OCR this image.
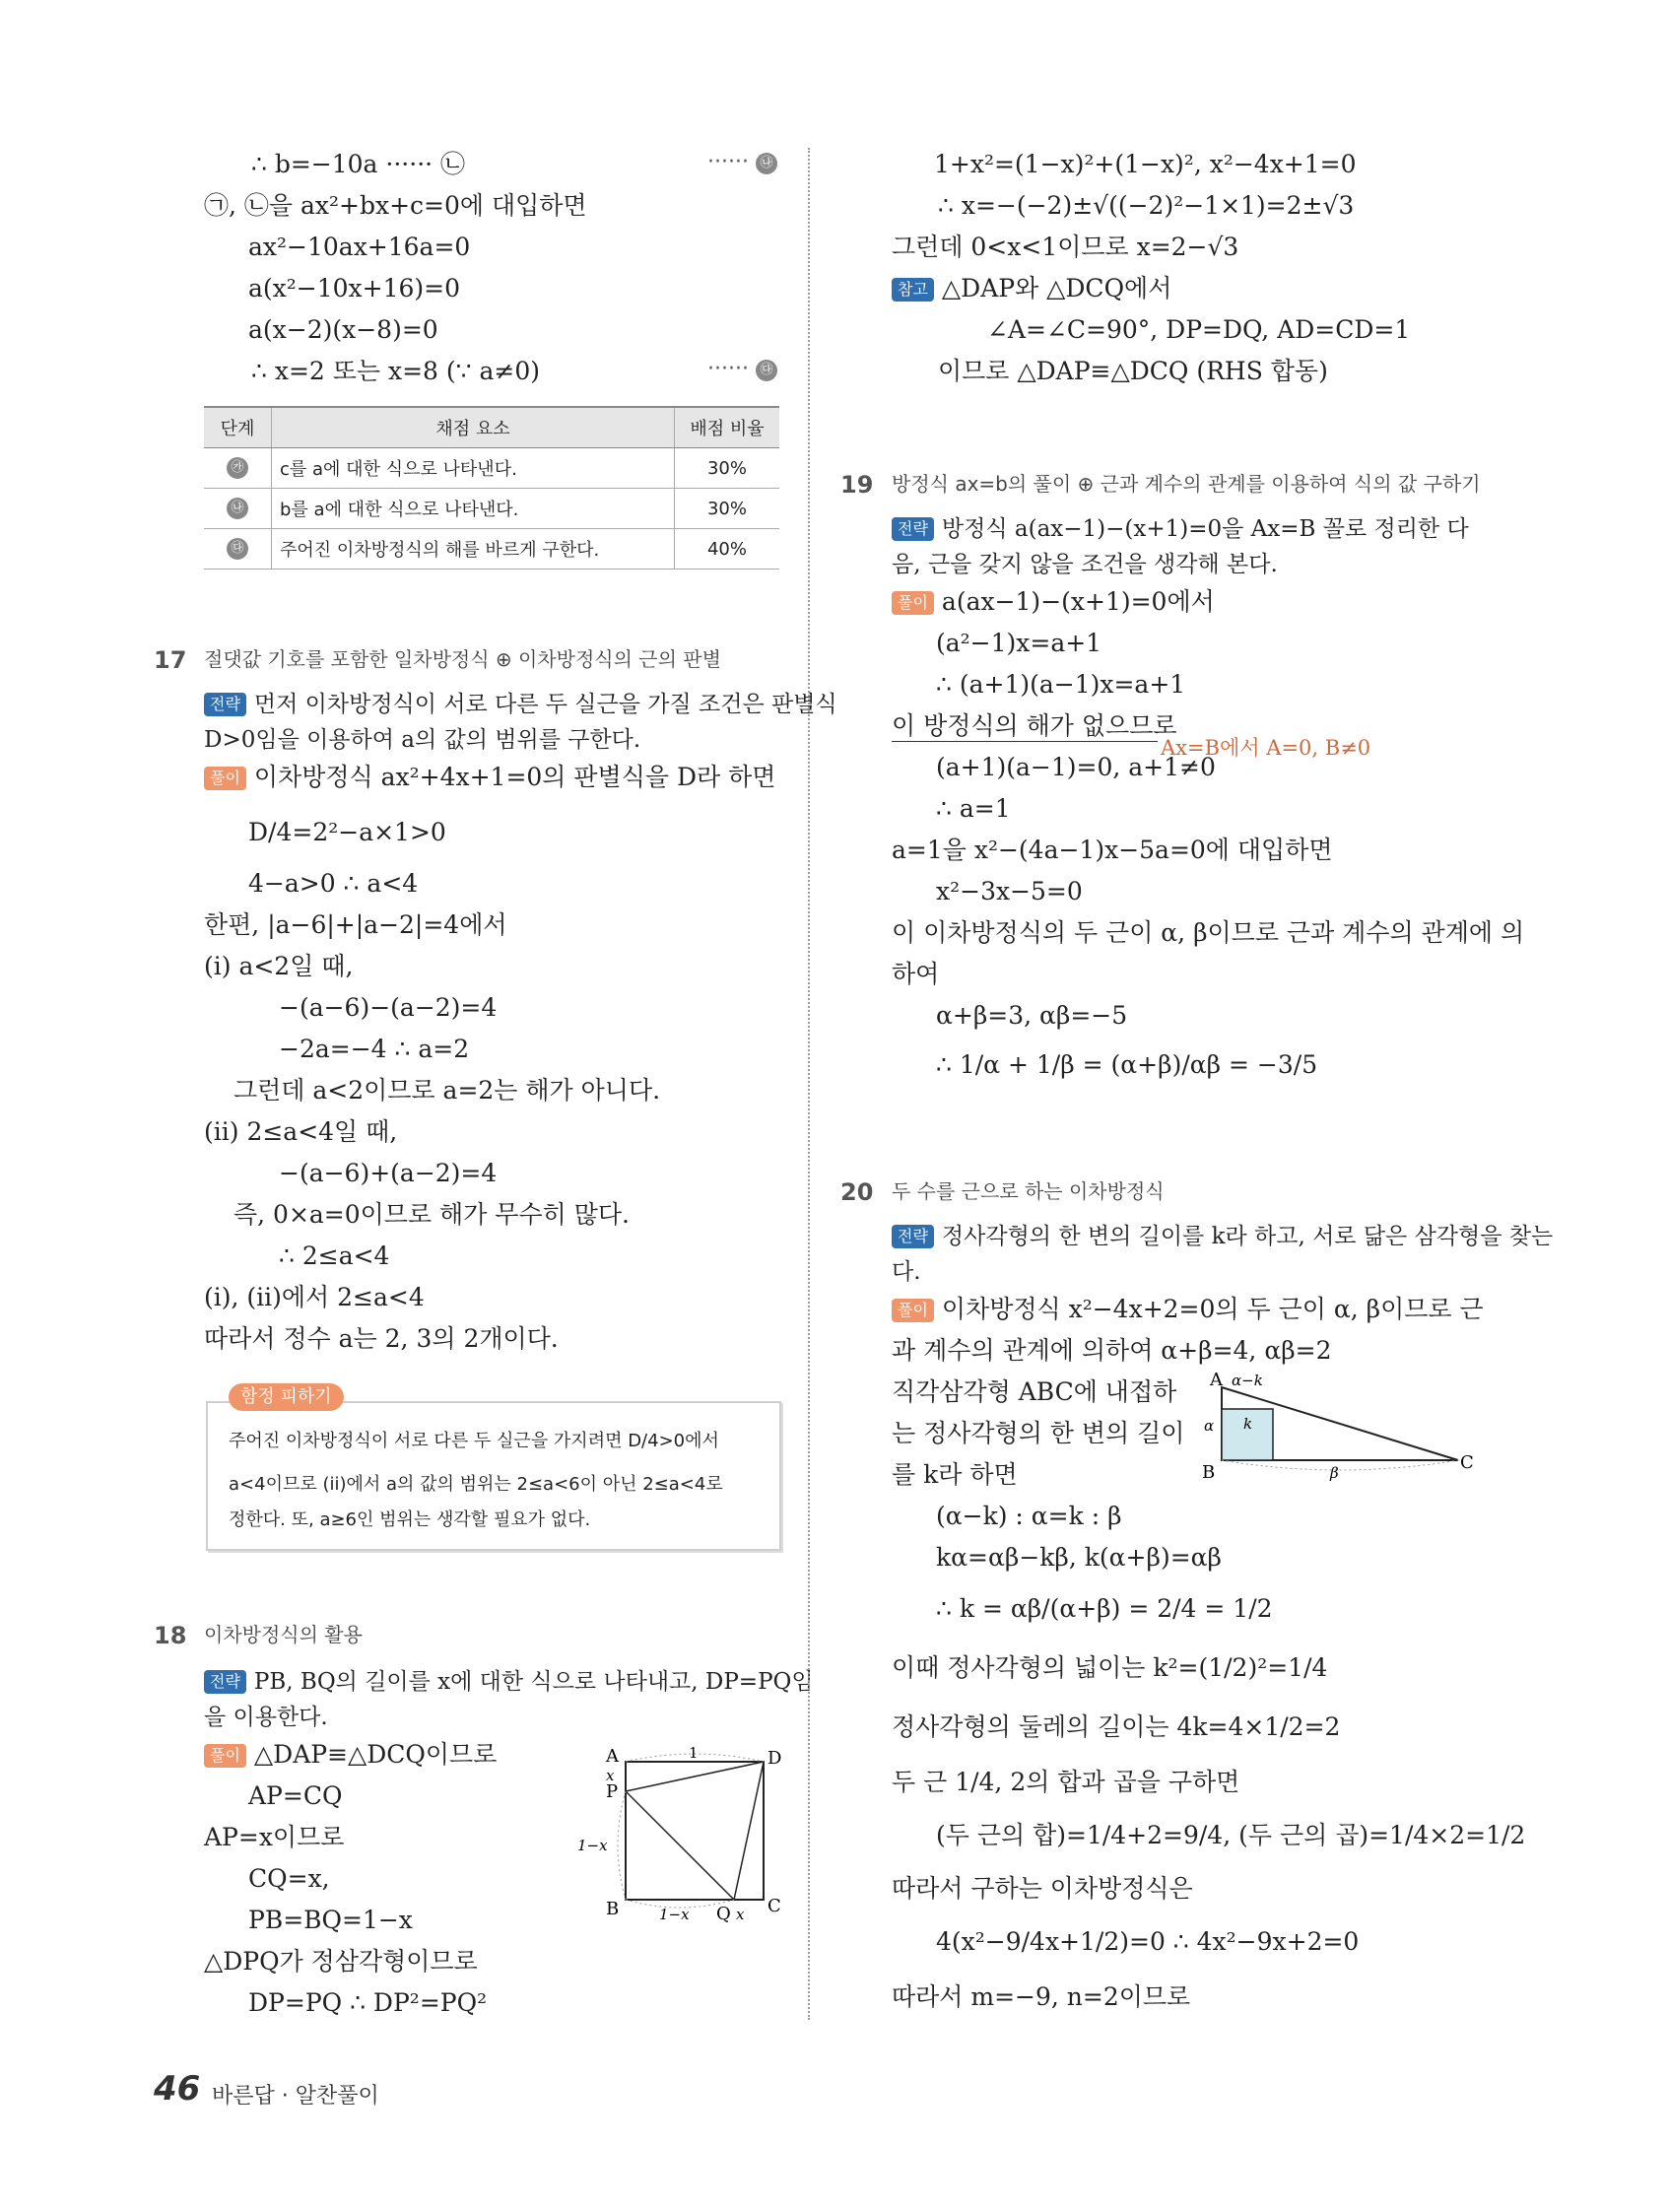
∴ b=−10a ······ ㉡	······ ㉯
㉠, ㉡을 ax²+bx+c=0에 대입하면
ax²−10ax+16a=0
a(x²−10x+16)=0
a(x−2)(x−8)=0
∴ x=2 또는 x=8 (∵ a≠0)	······ ㉰
단계	채점 요소	배점 비율
㉮	c를 a에 대한 식으로 나타낸다.	30%
㉯	b를 a에 대한 식으로 나타낸다.	30%
㉰	주어진 이차방정식의 해를 바르게 구한다.	40%
17 절댓값 기호를 포함한 일차방정식 ⊕ 이차방정식의 근의 판별
전략 먼저 이차방정식이 서로 다른 두 실근을 가질 조건은 판별식
D>0임을 이용하여 a의 값의 범위를 구한다.
풀이 이차방정식 ax²+4x+1=0의 판별식을 D라 하면
D/4=2²−a×1>0
4−a>0 ∴ a<4
한편, |a−6|+|a−2|=4에서
(i) a<2일 때,
−(a−6)−(a−2)=4
−2a=−4 ∴ a=2
그런데 a<2이므로 a=2는 해가 아니다.
(ii) 2≤a<4일 때,
−(a−6)+(a−2)=4
즉, 0×a=0이므로 해가 무수히 많다.
∴ 2≤a<4
(i), (ii)에서 2≤a<4
따라서 정수 a는 2, 3의 2개이다.
함정 피하기
주어진 이차방정식이 서로 다른 두 실근을 가지려면 D/4>0에서
a<4이므로 (ii)에서 a의 값의 범위는 2≤a<6이 아닌 2≤a<4로
정한다. 또, a≥6인 범위는 생각할 필요가 없다.
18 이차방정식의 활용
전략 PB, BQ의 길이를 x에 대한 식으로 나타내고, DP=PQ임
을 이용한다.
풀이 △DAP≡△DCQ이므로
AP=CQ
AP=x이므로
CQ=x,
PB=BQ=1−x
△DPQ가 정삼각형이므로
DP=PQ ∴ DP²=PQ²
A	D
P
B	Q C
1
x
1−x
1−x	x
1+x²=(1−x)²+(1−x)², x²−4x+1=0
∴ x=−(−2)±√((−2)²−1×1)=2±√3
그런데 0<x<1이므로 x=2−√3
참고 △DAP와 △DCQ에서
∠A=∠C=90°, DP=DQ, AD=CD=1
이므로 △DAP≡△DCQ (RHS 합동)
19 방정식 ax=b의 풀이 ⊕ 근과 계수의 관계를 이용하여 식의 값 구하기
전략 방정식 a(ax−1)−(x+1)=0을 Ax=B 꼴로 정리한 다
음, 근을 갖지 않을 조건을 생각해 본다.
풀이 a(ax−1)−(x+1)=0에서
(a²−1)x=a+1
∴ (a+1)(a−1)x=a+1
이 방정식의 해가 없으므로
Ax=B에서 A=0, B≠0
(a+1)(a−1)=0, a+1≠0
∴ a=1
a=1을 x²−(4a−1)x−5a=0에 대입하면
x²−3x−5=0
이 이차방정식의 두 근이 α, β이므로 근과 계수의 관계에 의
하여
α+β=3, αβ=−5
∴ 1/α + 1/β = (α+β)/αβ = −3/5
20 두 수를 근으로 하는 이차방정식
전략 정사각형의 한 변의 길이를 k라 하고, 서로 닮은 삼각형을 찾는
다.
풀이 이차방정식 x²−4x+2=0의 두 근이 α, β이므로 근
과 계수의 관계에 의하여 α+β=4, αβ=2
직각삼각형 ABC에 내접하
는 정사각형의 한 변의 길이
를 k라 하면
(α−k) : α=k : β
kα=αβ−kβ, k(α+β)=αβ
∴ k = αβ/(α+β) = 2/4 = 1/2
이때 정사각형의 넓이는 k²=(1/2)²=1/4
정사각형의 둘레의 길이는 4k=4×1/2=2
두 근 1/4, 2의 합과 곱을 구하면
(두 근의 합)=1/4+2=9/4, (두 근의 곱)=1/4×2=1/2
따라서 구하는 이차방정식은
4(x²−9/4x+1/2)=0 ∴ 4x²−9x+2=0
따라서 m=−9, n=2이므로
A
B	C
α−k
α k
β
46 바른답 · 알찬풀이
